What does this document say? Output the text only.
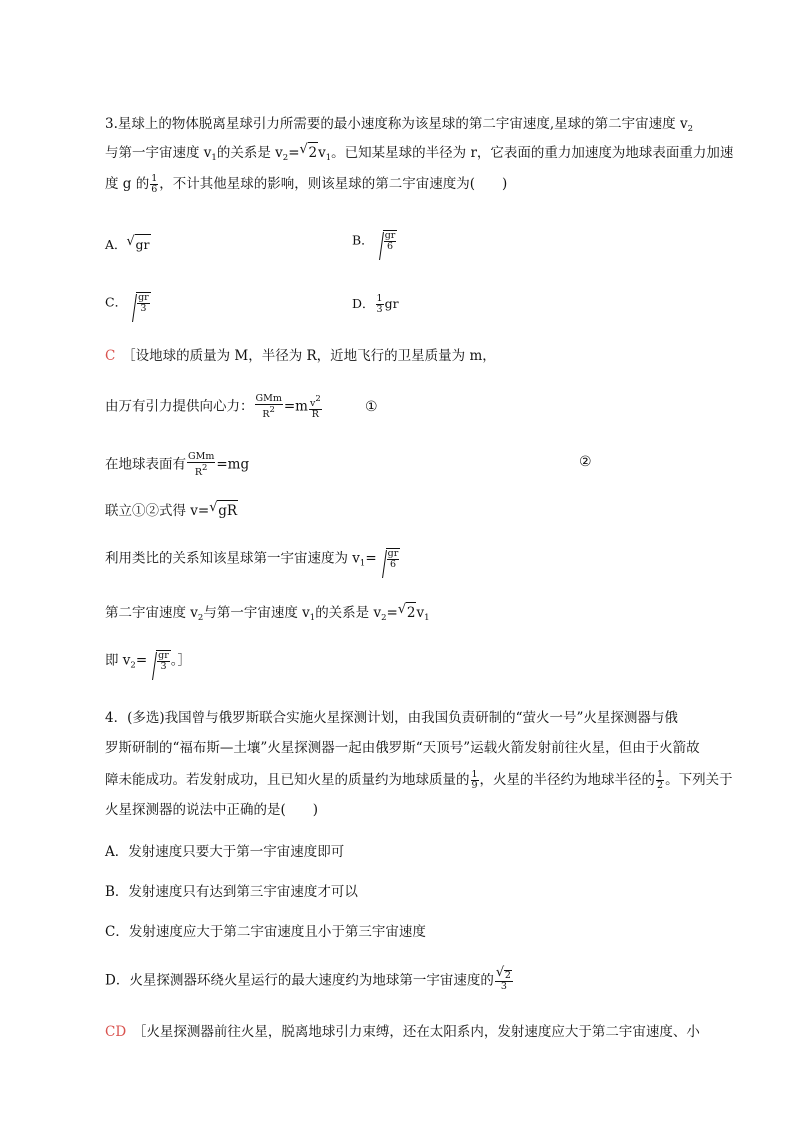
3.星球上的物体脱离星球引力所需要的最小速度称为该星球的第二宇宙速度,星球的第二宇宙速度 $v_2$
与第一宇宙速度 $v_1$的关系是 $v_2=√$ $2v_1$。已知某星球的半径为 r，它表面的重力加速度为地球表面重力加速
度 g 的 $\frac{1}{6}$ ，不计其他星球的影响，则该星球的第二宇宙速度为(　　)
A．√ gr	B． $\frac{gr}{6}$
C． $\frac{gr}{3}$	D． $\frac{1}{3}$ gr
C　 ［设地球的质量为 M，半径为 R，近地飞行的卫星质量为 m，
由万有引力提供向心力： $\frac{\text{GMm}}{R2} =m \frac{v2}{R}$	①
在地球表面有 $\frac{\text{GMm}}{R2} =mg$	②
联立①②式得 v=√ gR
利用类比的关系知该星球第一宇宙速度为 $v_1= \frac{gr}{6}$
第二宇宙速度 $v_2$与第一宇宙速度 $v_1$的关系是 $v_2=√$ $2v_1$
即 $v_2= \frac{gr}{3}$ 。］
4．(多选)我国曾与俄罗斯联合实施火星探测计划，由我国负责研制的“萤火一号”火星探测器与俄
罗斯研制的“福布斯—土壤”火星探测器一起由俄罗斯“天顶号”运载火箭发射前往火星，但由于火箭故
障未能成功。若发射成功，且已知火星的质量约为地球质量的 $\frac{1}{9}$ ，火星的半径约为地球半径的 $\frac{1}{2}$ 。下列关于
火星探测器的说法中正确的是(　　)
A．发射速度只要大于第一宇宙速度即可
B．发射速度只有达到第三宇宙速度才可以
C．发射速度应大于第二宇宙速度且小于第三宇宙速度
D．火星探测器环绕火星运行的最大速度约为地球第一宇宙速度的
√ $\frac{2}{3}$
CD　 ［火星探测器前往火星，脱离地球引力束缚，还在太阳系内，发射速度应大于第二宇宙速度、小
